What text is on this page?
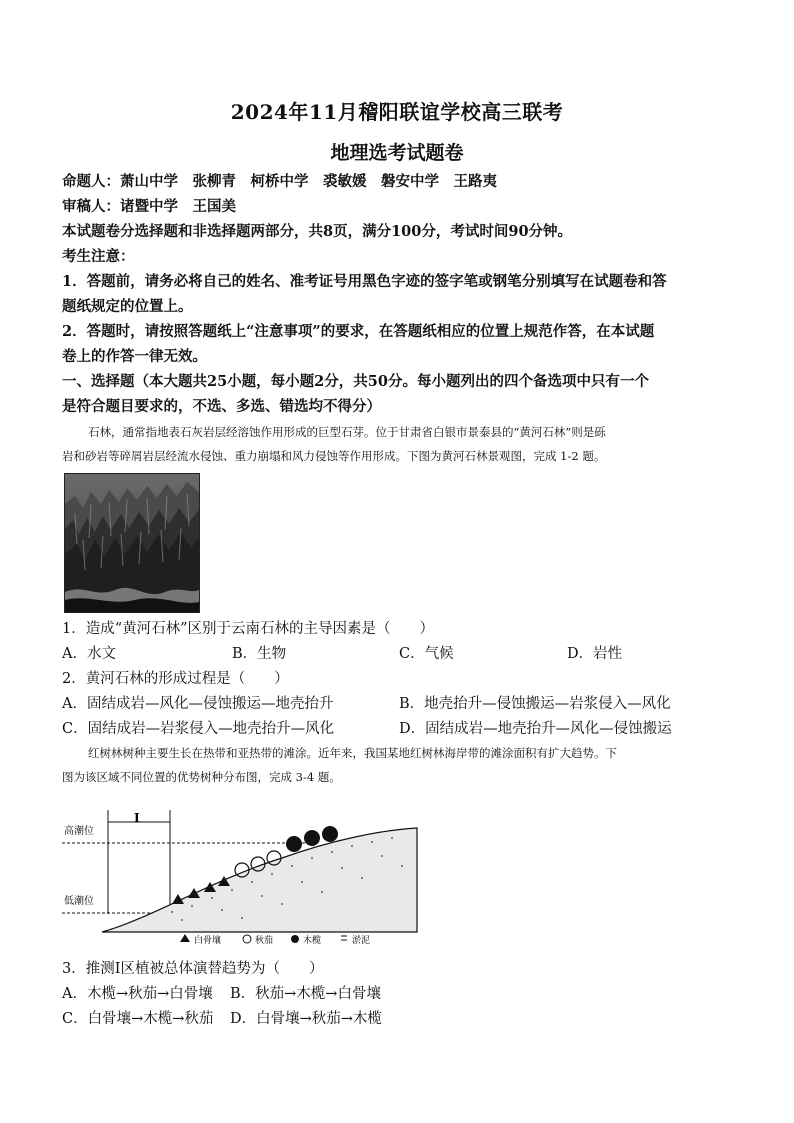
2024年11月稽阳联谊学校高三联考
地理选考试题卷
命题人：萧山中学　张柳青　柯桥中学　裘敏媛　磐安中学　王路夷
审稿人：诸暨中学　王国美
本试题卷分选择题和非选择题两部分，共8页，满分100分，考试时间90分钟。
考生注意：
1．答题前，请务必将自己的姓名、准考证号用黑色字迹的签字笔或钢笔分别填写在试题卷和答
题纸规定的位置上。
2．答题时，请按照答题纸上“注意事项”的要求，在答题纸相应的位置上规范作答，在本试题
卷上的作答一律无效。
一、选择题（本大题共25小题，每小题2分，共50分。每小题列出的四个备选项中只有一个
是符合题目要求的，不选、多选、错选均不得分）
石林，通常指地表石灰岩层经溶蚀作用形成的巨型石芽。位于甘肃省白银市景泰县的“黄河石林”则是砾
岩和砂岩等碎屑岩层经流水侵蚀、重力崩塌和风力侵蚀等作用形成。下图为黄河石林景观图，完成 1-2 题。
1．造成“黄河石林”区别于云南石林的主导因素是（　　）
A．水文	B．生物	C．气候	D．岩性
2．黄河石林的形成过程是（　　）
A．固结成岩—风化—侵蚀搬运—地壳抬升	B．地壳抬升—侵蚀搬运—岩浆侵入—风化
C．固结成岩—岩浆侵入—地壳抬升—风化	D．固结成岩—地壳抬升—风化—侵蚀搬运
红树林树种主要生长在热带和亚热带的滩涂。近年来，我国某地红树林海岸带的滩涂面积有扩大趋势。下
图为该区域不同位置的优势树种分布图，完成 3-4 题。
I
高潮位
低潮位
白骨壤	秋茄	木榄	淤泥
3．推测Ⅰ区植被总体演替趋势为（　　）
A．木榄→秋茄→白骨壤 B．秋茄→木榄→白骨壤
C．白骨壤→木榄→秋茄 D．白骨壤→秋茄→木榄
